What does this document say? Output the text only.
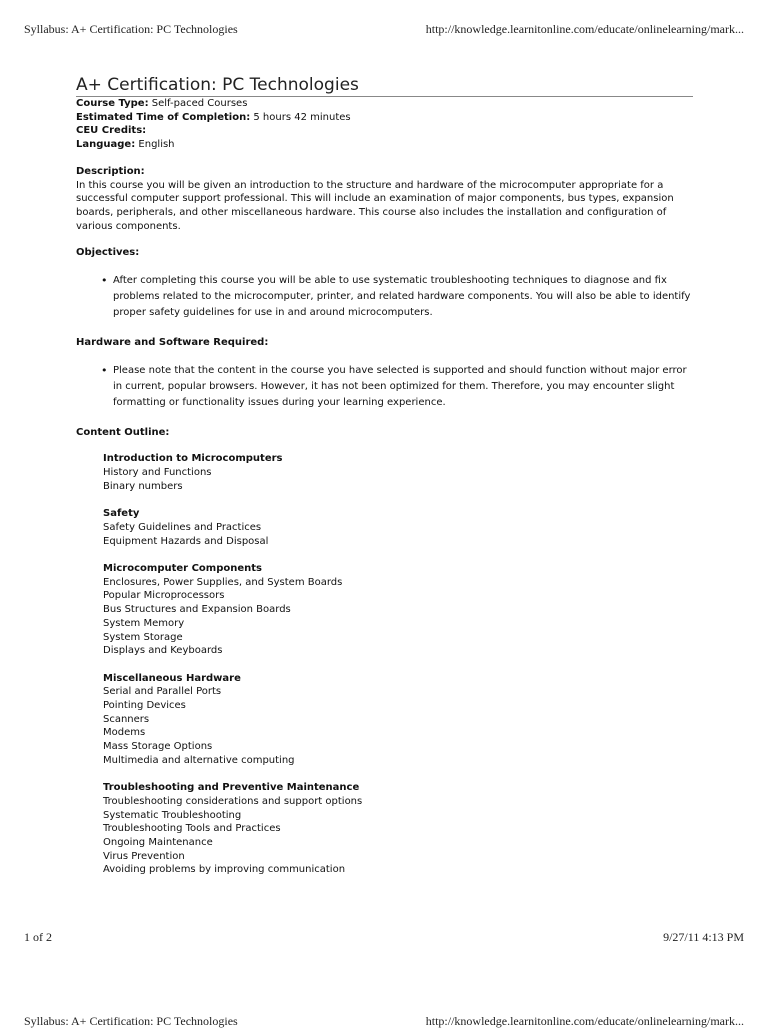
Syllabus: A+ Certification: PC Technologies	http://knowledge.learnitonline.com/educate/onlinelearning/mark...
A+ Certification: PC Technologies
Course Type: Self-paced Courses
Estimated Time of Completion: 5 hours 42 minutes
CEU Credits:
Language: English
Description:
In this course you will be given an introduction to the structure and hardware of the microcomputer appropriate for a successful computer support professional. This will include an examination of major components, bus types, expansion boards, peripherals, and other miscellaneous hardware. This course also includes the installation and configuration of various components.
Objectives:
• After completing this course you will be able to use systematic troubleshooting techniques to diagnose and fix problems related to the microcomputer, printer, and related hardware components. You will also be able to identify proper safety guidelines for use in and around microcomputers.
Hardware and Software Required:
• Please note that the content in the course you have selected is supported and should function without major error in current, popular browsers. However, it has not been optimized for them. Therefore, you may encounter slight formatting or functionality issues during your learning experience.
Content Outline:
Introduction to Microcomputers
History and Functions
Binary numbers
Safety
Safety Guidelines and Practices
Equipment Hazards and Disposal
Microcomputer Components
Enclosures, Power Supplies, and System Boards
Popular Microprocessors
Bus Structures and Expansion Boards
System Memory
System Storage
Displays and Keyboards
Miscellaneous Hardware
Serial and Parallel Ports
Pointing Devices
Scanners
Modems
Mass Storage Options
Multimedia and alternative computing
Troubleshooting and Preventive Maintenance
Troubleshooting considerations and support options
Systematic Troubleshooting
Troubleshooting Tools and Practices
Ongoing Maintenance
Virus Prevention
Avoiding problems by improving communication
1 of 2	9/27/11 4:13 PM
Syllabus: A+ Certification: PC Technologies	http://knowledge.learnitonline.com/educate/onlinelearning/mark...
